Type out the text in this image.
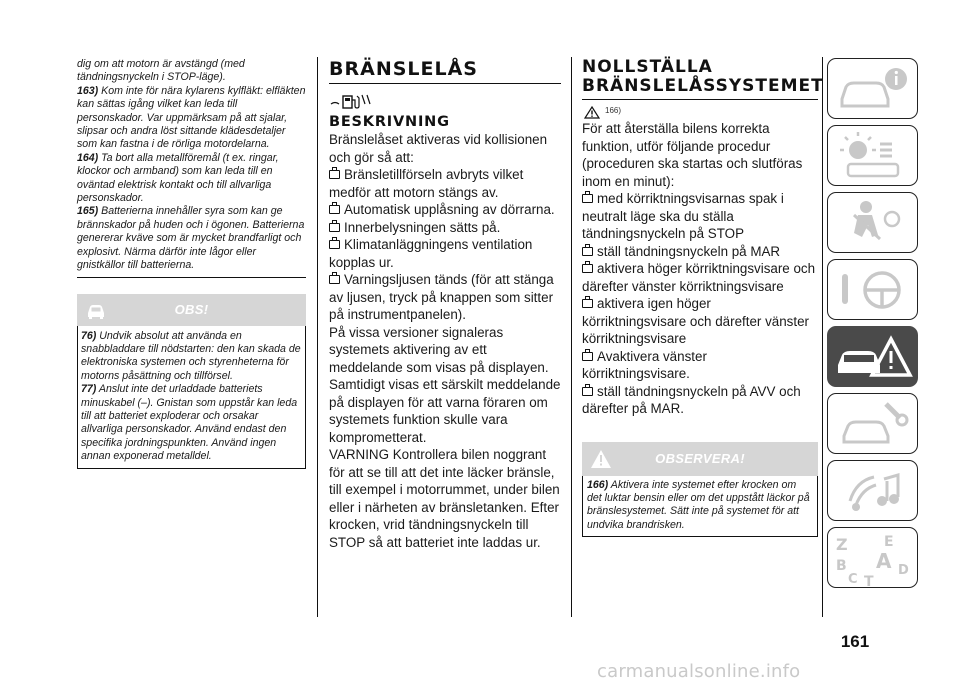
dig om att motorn är avstängd (med tändningsnyckeln i STOP-läge).

163) Kom inte för nära kylarens kylfläkt: elfläkten kan sättas igång vilket kan leda till personskador. Var uppmärksam på att sjalar, slipsar och andra löst sittande klädesdetaljer som kan fastna i de rörliga motordelarna.

164) Ta bort alla metallföremål (t ex. ringar, klockor och armband) som kan leda till en oväntad elektrisk kontakt och till allvarliga personskador.

165) Batterierna innehåller syra som kan ge brännskador på huden och i ögonen. Batterierna genererar kväve som är mycket brandfarligt och explosivt. Närma därför inte lågor eller gnistkällor till batterierna.

OBS!

76) Undvik absolut att använda en snabbladdare till nödstarten: den kan skada de elektroniska systemen och styrenheterna för motorns påsättning och tillförsel.

77) Anslut inte det urladdade batteriets minuskabel (–). Gnistan som uppstår kan leda till att batteriet exploderar och orsakar allvarliga personskador. Använd endast den specifika jordningspunkten. Använd ingen annan exponerad metalldel.

BRÄNSLELÅS
BESKRIVNING

Bränslelåset aktiveras vid kollisionen och gör så att:

Bränsletillförseln avbryts vilket medför att motorn stängs av.

Automatisk upplåsning av dörrarna.

Innerbelysningen sätts på.

Klimatanläggningens ventilation kopplas ur.

Varningsljusen tänds (för att stänga av ljusen, tryck på knappen som sitter på instrumentpanelen).

På vissa versioner signaleras systemets aktivering av ett meddelande som visas på displayen. Samtidigt visas ett särskilt meddelande på displayen för att varna föraren om systemets funktion skulle vara komprometterat.

VARNING Kontrollera bilen noggrant för att se till att det inte läcker bränsle, till exempel i motorrummet, under bilen eller i närheten av bränsletanken. Efter krocken, vrid tändningsnyckeln till STOP så att batteriet inte laddas ur.

NOLLSTÄLLA
BRÄNSLELÅSSYSTEMET
166)

För att återställa bilens korrekta funktion, utför följande procedur (proceduren ska startas och slutföras inom en minut):

med körriktningsvisarnas spak i neutralt läge ska du ställa tändningsnyckeln på STOP

ställ tändningsnyckeln på MAR

aktivera höger körriktningsvisare och därefter vänster körriktningsvisare

aktivera igen höger körriktningsvisare och därefter vänster körriktningsvisare

Avaktivera vänster körriktningsvisare.

ställ tändningsnyckeln på AVV och därefter på MAR.

OBSERVERA!

166) Aktivera inte systemet efter krocken om det luktar bensin eller om det uppstått läckor på bränslesystemet. Sätt inte på systemet för att undvika brandrisken.

Z	E
B A
C
D
T
161
carmanualsonline.info
